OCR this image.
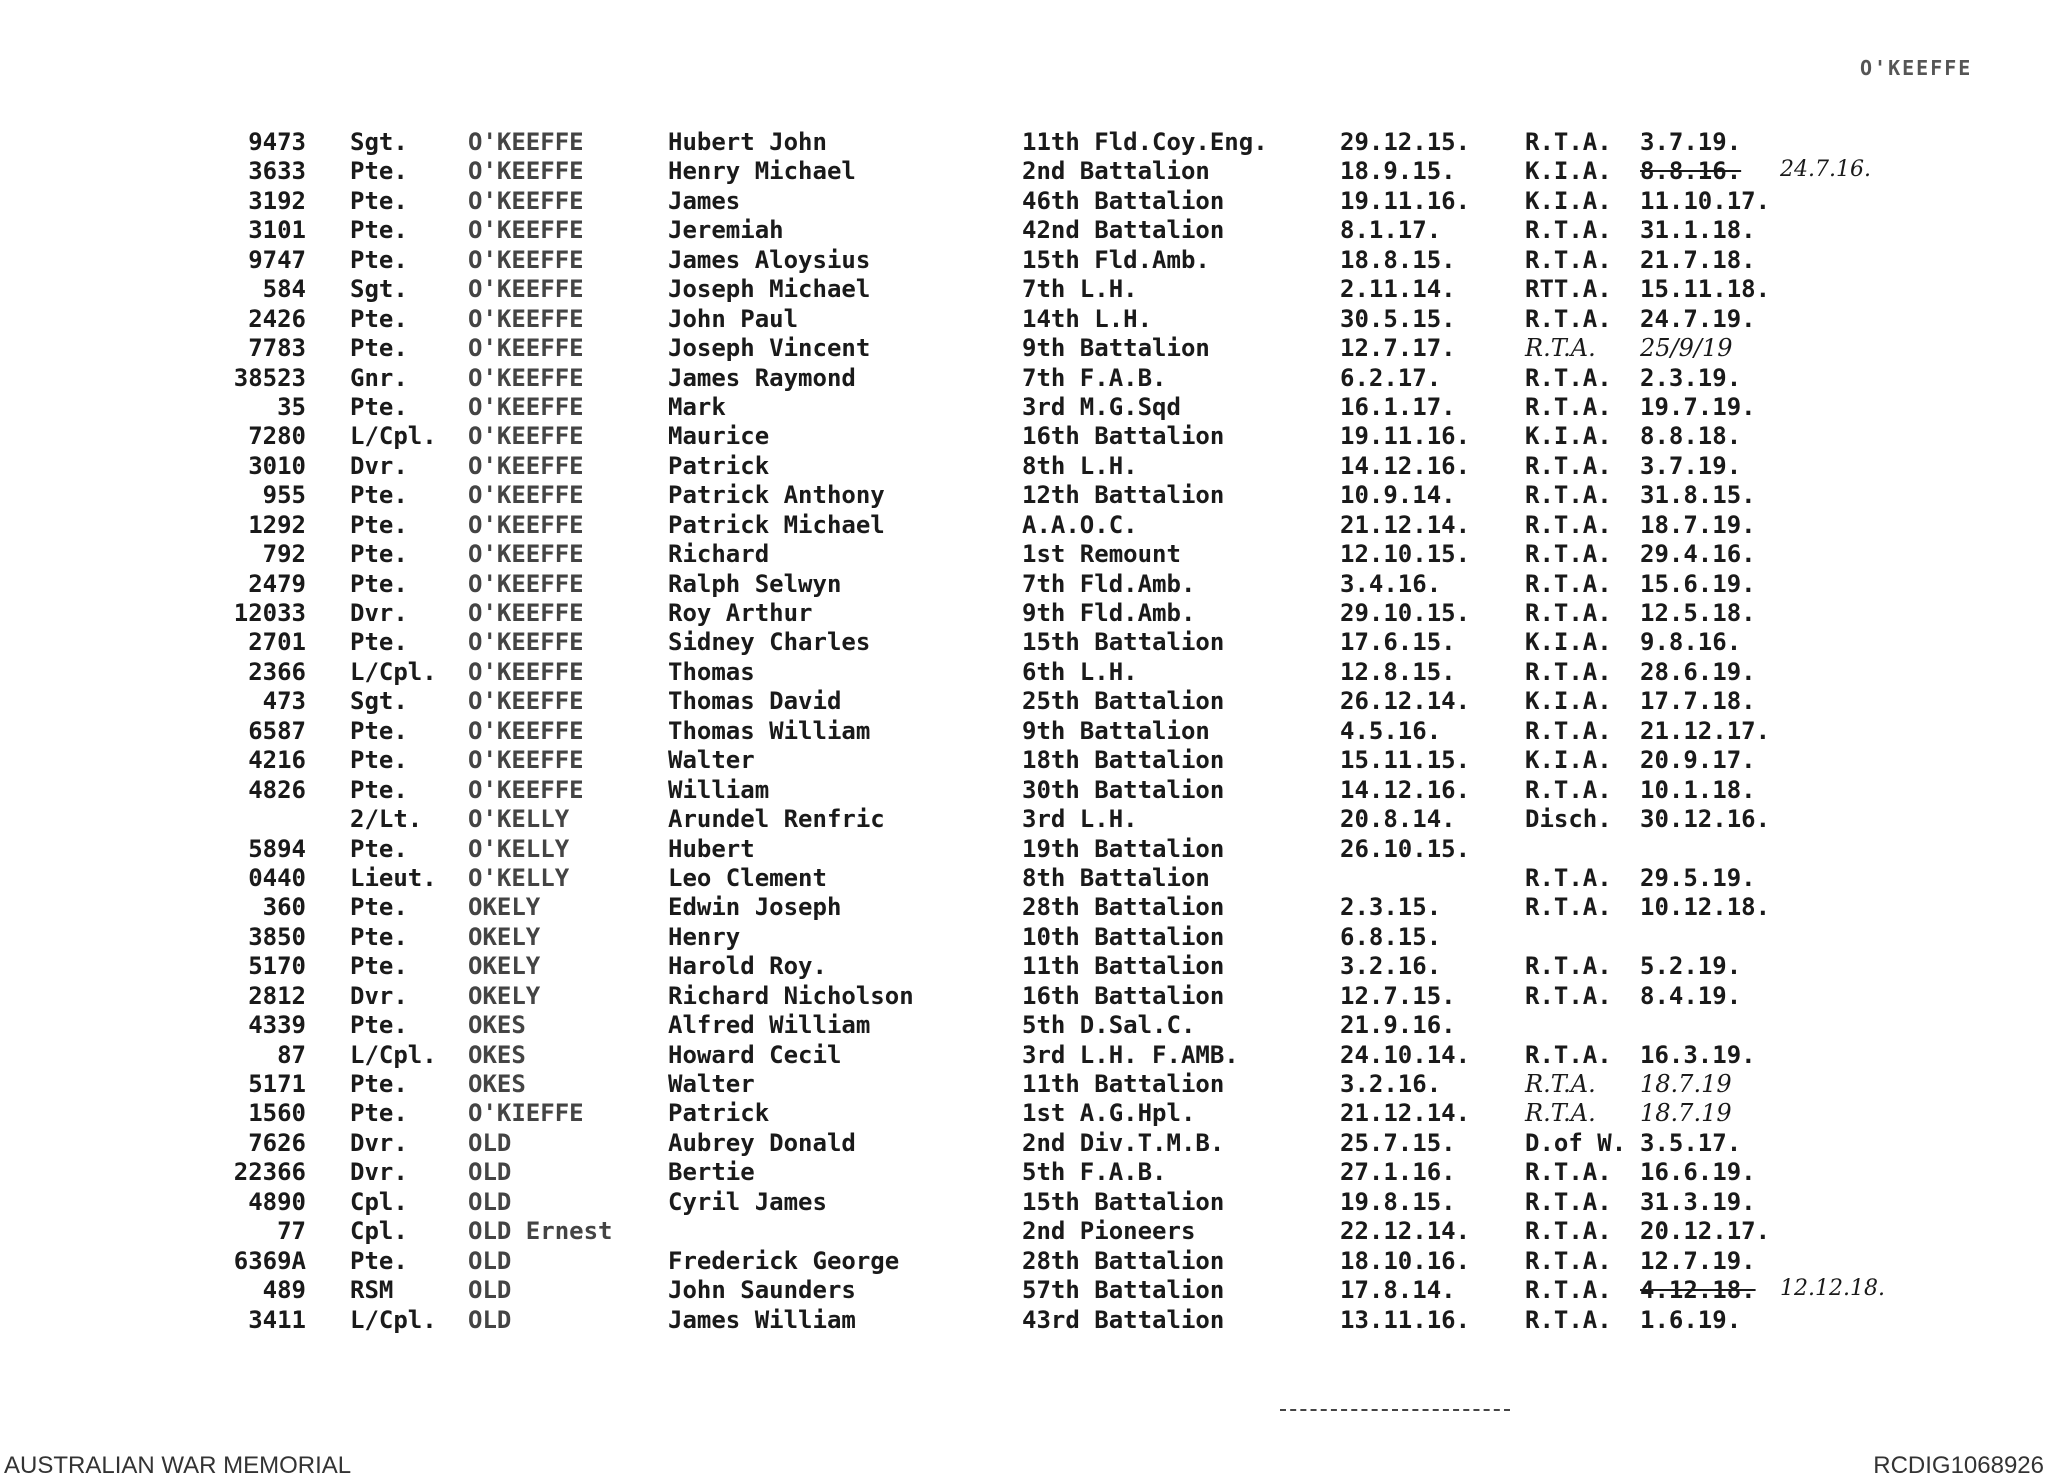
O'KEEFFE
9473 Sgt.	O'KEEFFE	Hubert John	11th Fld.Coy.Eng.	29.12.15. R.T.A. 3.7.19.
3633 Pte.	O'KEEFFE	Henry Michael	2nd Battalion	18.9.15.	K.I.A. 8.8.16. 24.7.16.
3192 Pte.	O'KEEFFE	James	46th Battalion	19.11.16. K.I.A. 11.10.17.
3101 Pte.	O'KEEFFE	Jeremiah	42nd Battalion	8.1.17.	R.T.A. 31.1.18.
9747 Pte.	O'KEEFFE	James Aloysius	15th Fld.Amb.	18.8.15.	R.T.A. 21.7.18.
584 Sgt.	O'KEEFFE	Joseph Michael	7th L.H.	2.11.14.	RTT.A. 15.11.18.
2426 Pte.	O'KEEFFE	John Paul	14th L.H.	30.5.15.	R.T.A. 24.7.19.
7783 Pte.	O'KEEFFE	Joseph Vincent	9th Battalion	12.7.17.	R.T.A. 25/9/19
38523 Gnr.	O'KEEFFE	James Raymond	7th F.A.B.	6.2.17.	R.T.A. 2.3.19.
35 Pte.	O'KEEFFE	Mark	3rd M.G.Sqd	16.1.17.	R.T.A. 19.7.19.
7280 L/Cpl. O'KEEFFE	Maurice	16th Battalion	19.11.16. K.I.A. 8.8.18.
3010 Dvr.	O'KEEFFE	Patrick	8th L.H.	14.12.16. R.T.A. 3.7.19.
955 Pte.	O'KEEFFE	Patrick Anthony	12th Battalion	10.9.14.	R.T.A. 31.8.15.
1292 Pte.	O'KEEFFE	Patrick Michael	A.A.O.C.	21.12.14. R.T.A. 18.7.19.
792 Pte.	O'KEEFFE	Richard	1st Remount	12.10.15. R.T.A. 29.4.16.
2479 Pte.	O'KEEFFE	Ralph Selwyn	7th Fld.Amb.	3.4.16.	R.T.A. 15.6.19.
12033 Dvr.	O'KEEFFE	Roy Arthur	9th Fld.Amb.	29.10.15. R.T.A. 12.5.18.
2701 Pte.	O'KEEFFE	Sidney Charles	15th Battalion	17.6.15.	K.I.A. 9.8.16.
2366 L/Cpl. O'KEEFFE	Thomas	6th L.H.	12.8.15.	R.T.A. 28.6.19.
473 Sgt.	O'KEEFFE	Thomas David	25th Battalion	26.12.14. K.I.A. 17.7.18.
6587 Pte.	O'KEEFFE	Thomas William	9th Battalion	4.5.16.	R.T.A. 21.12.17.
4216 Pte.	O'KEEFFE	Walter	18th Battalion	15.11.15. K.I.A. 20.9.17.
4826 Pte.	O'KEEFFE	William	30th Battalion	14.12.16. R.T.A. 10.1.18.
2/Lt. O'KELLY	Arundel Renfric	3rd L.H.	20.8.14.	Disch. 30.12.16.
5894 Pte.	O'KELLY	Hubert	19th Battalion	26.10.15.
0440 Lieut. O'KELLY	Leo Clement	8th Battalion	R.T.A. 29.5.19.
360 Pte.	OKELY	Edwin Joseph	28th Battalion	2.3.15.	R.T.A. 10.12.18.
3850 Pte.	OKELY	Henry	10th Battalion	6.8.15.
5170 Pte.	OKELY	Harold Roy.	11th Battalion	3.2.16.	R.T.A. 5.2.19.
2812 Dvr.	OKELY	Richard Nicholson	16th Battalion	12.7.15.	R.T.A. 8.4.19.
4339 Pte.	OKES	Alfred William	5th D.Sal.C.	21.9.16.
87 L/Cpl. OKES	Howard Cecil	3rd L.H. F.AMB.	24.10.14. R.T.A. 16.3.19.
5171 Pte.	OKES	Walter	11th Battalion	3.2.16.	R.T.A. 18.7.19
1560 Pte.	O'KIEFFE	Patrick	1st A.G.Hpl.	21.12.14. R.T.A. 18.7.19
7626 Dvr.	OLD	Aubrey Donald	2nd Div.T.M.B.	25.7.15.	D.of W. 3.5.17.
22366 Dvr.	OLD	Bertie	5th F.A.B.	27.1.16.	R.T.A. 16.6.19.
4890 Cpl.	OLD	Cyril James	15th Battalion	19.8.15.	R.T.A. 31.3.19.
77 Cpl.	OLD Ernest	2nd Pioneers	22.12.14. R.T.A. 20.12.17.
6369A Pte.	OLD	Frederick George	28th Battalion	18.10.16. R.T.A. 12.7.19.
489 RSM	OLD	John Saunders	57th Battalion	17.8.14.	R.T.A. 4.12.18. 12.12.18.
3411 L/Cpl. OLD	James William	43rd Battalion	13.11.16. R.T.A. 1.6.19.
AUSTRALIAN WAR MEMORIAL	RCDIG1068926
